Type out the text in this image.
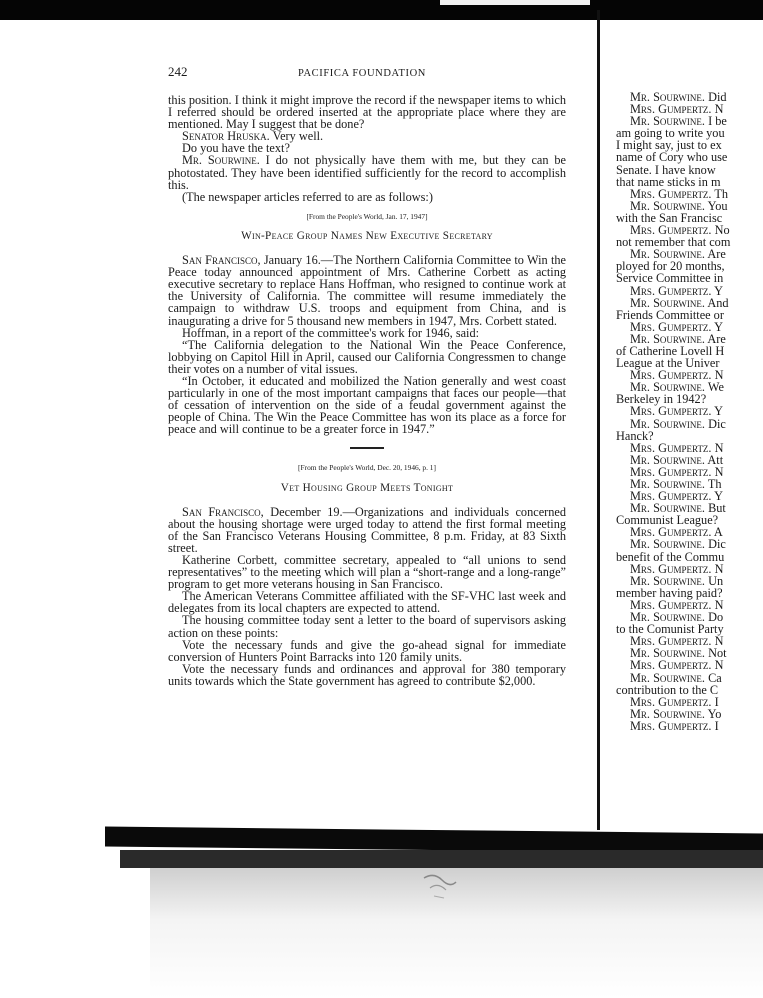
242	PACIFICA FOUNDATION

this position. I think it might improve the record if the newspaper items to which I referred should be ordered inserted at the appropriate place where they are mentioned. May I suggest that be done?

Senator Hruska. Very well.

Do you have the text?

Mr. Sourwine. I do not physically have them with me, but they can be photostated. They have been identified sufficiently for the record to accomplish this.

(The newspaper articles referred to are as follows:)

[From the People's World, Jan. 17, 1947]
Win-Peace Group Names New Executive Secretary

San Francisco, January 16.—The Northern California Committee to Win the Peace today announced appointment of Mrs. Catherine Corbett as acting executive secretary to replace Hans Hoffman, who resigned to continue work at the University of California. The committee will resume immediately the campaign to withdraw U.S. troops and equipment from China, and is inaugurating a drive for 5 thousand new members in 1947, Mrs. Corbett stated.

Hoffman, in a report of the committee's work for 1946, said:

“The California delegation to the National Win the Peace Conference, lobbying on Capitol Hill in April, caused our California Congressmen to change their votes on a number of vital issues.

“In October, it educated and mobilized the Nation generally and west coast particularly in one of the most important campaigns that faces our people—that of cessation of intervention on the side of a feudal government against the people of China. The Win the Peace Committee has won its place as a force for peace and will continue to be a greater force in 1947.”

[From the People's World, Dec. 20, 1946, p. 1]
Vet Housing Group Meets Tonight

San Francisco, December 19.—Organizations and individuals concerned about the housing shortage were urged today to attend the first formal meeting of the San Francisco Veterans Housing Committee, 8 p.m. Friday, at 83 Sixth street.

Katherine Corbett, committee secretary, appealed to “all unions to send representatives” to the meeting which will plan a “short-range and a long-range” program to get more veterans housing in San Francisco.

The American Veterans Committee affiliated with the SF-VHC last week and delegates from its local chapters are expected to attend.

The housing committee today sent a letter to the board of supervisors asking action on these points:

Vote the necessary funds and give the go-ahead signal for immediate conversion of Hunters Point Barracks into 120 family units.

Vote the necessary funds and ordinances and approval for 380 temporary units towards which the State government has agreed to contribute $2,000.

Mr. Sourwine. Did
Mrs. Gumpertz. N
Mr. Sourwine. I be
am going to write you
I might say, just to ex
name of Cory who use
Senate. I have know
that name sticks in m
Mrs. Gumpertz. Th
Mr. Sourwine. You
with the San Francisc
Mrs. Gumpertz. No
not remember that com
Mr. Sourwine. Are
ployed for 20 months,
Service Committee in
Mrs. Gumpertz. Y
Mr. Sourwine. And
Friends Committee or
Mrs. Gumpertz. Y
Mr. Sourwine. Are
of Catherine Lovell H
League at the Univer
Mrs. Gumpertz. N
Mr. Sourwine. We
Berkeley in 1942?
Mrs. Gumpertz. Y
Mr. Sourwine. Dic
Hanck?
Mrs. Gumpertz. N
Mr. Sourwine. Att
Mrs. Gumpertz. N
Mr. Sourwine. Th
Mrs. Gumpertz. Y
Mr. Sourwine. But
Communist League?
Mrs. Gumpertz. A
Mr. Sourwine. Dic
benefit of the Commu
Mrs. Gumpertz. N
Mr. Sourwine. Un
member having paid?
Mrs. Gumpertz. N
Mr. Sourwine. Do
to the Comunist Party
Mrs. Gumpertz. N
Mr. Sourwine. Not
Mrs. Gumpertz. N
Mr. Sourwine. Ca
contribution to the C
Mrs. Gumpertz. I
Mr. Sourwine. Yo
Mrs. Gumpertz. I
